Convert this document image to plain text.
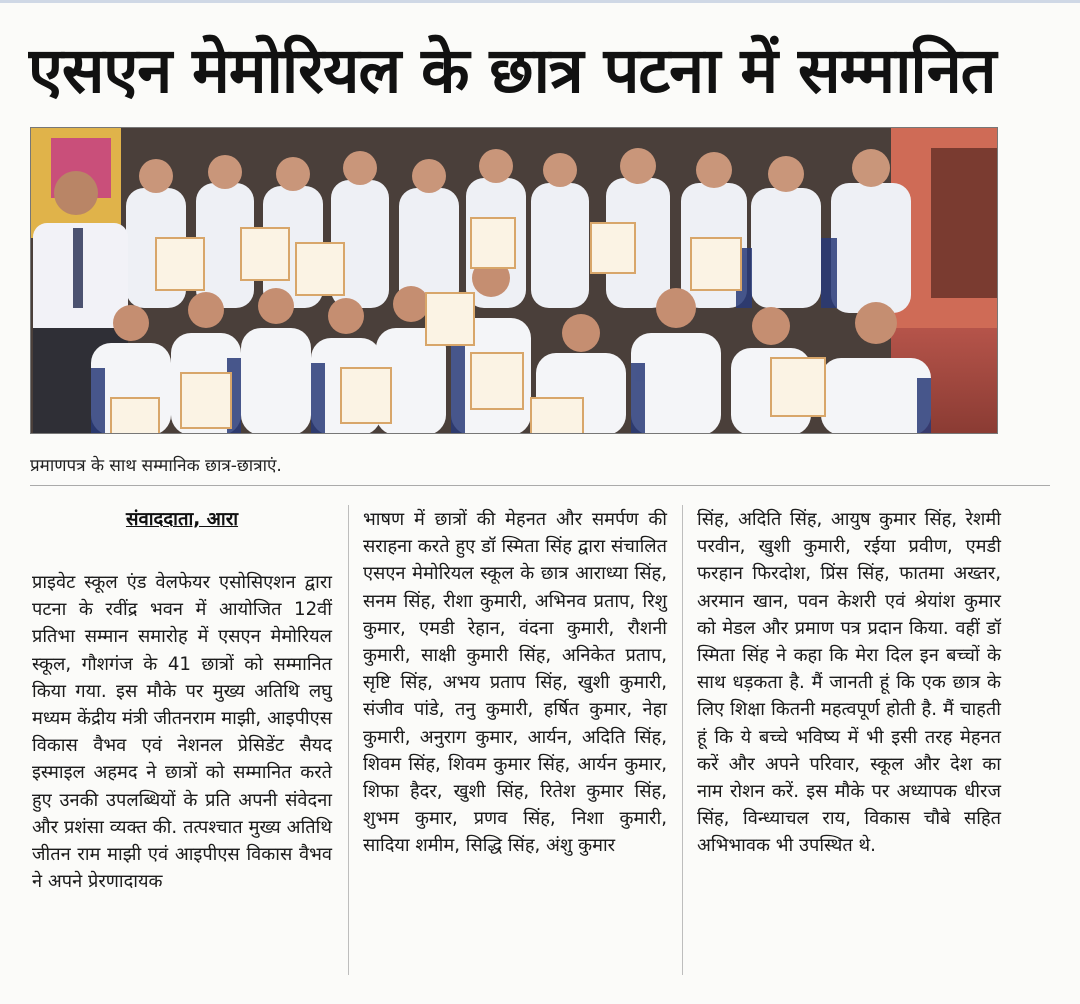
एसएन मेमोरियल के छात्र पटना में सम्मानित
प्रमाणपत्र के साथ सम्मानिक छात्र-छात्राएं.
संवाददाता, आरा
प्राइवेट स्कूल एंड वेलफेयर एसोसिएशन द्वारा पटना के रवींद्र भवन में आयोजित 12वीं प्रतिभा सम्मान समारोह में एसएन मेमोरियल स्कूल, गौशगंज के 41 छात्रों को सम्मानित किया गया. इस मौके पर मुख्य अतिथि लघु मध्यम केंद्रीय मंत्री जीतनराम माझी, आइपीएस विकास वैभव एवं नेशनल प्रेसिडेंट सैयद इस्माइल अहमद ने छात्रों को सम्मानित करते हुए उनकी उपलब्धियों के प्रति अपनी संवेदना और प्रशंसा व्यक्त की. तत्पश्चात मुख्य अतिथि जीतन राम माझी एवं आइपीएस विकास वैभव ने अपने प्रेरणादायक
भाषण में छात्रों की मेहनत और समर्पण की सराहना करते हुए डॉ स्मिता सिंह द्वारा संचालित एसएन मेमोरियल स्कूल के छात्र आराध्या सिंह, सनम सिंह, रीशा कुमारी, अभिनव प्रताप, रिशु कुमार, एमडी रेहान, वंदना कुमारी, रौशनी कुमारी, साक्षी कुमारी सिंह, अनिकेत प्रताप, सृष्टि सिंह, अभय प्रताप सिंह, खुशी कुमारी, संजीव पांडे, तनु कुमारी, हर्षित कुमार, नेहा कुमारी, अनुराग कुमार, आर्यन, अदिति सिंह, शिवम सिंह, शिवम कुमार सिंह, आर्यन कुमार, शिफा हैदर, खुशी सिंह, रितेश कुमार सिंह, शुभम कुमार, प्रणव सिंह, निशा कुमारी, सादिया शमीम, सिद्धि सिंह, अंशु कुमार
सिंह, अदिति सिंह, आयुष कुमार सिंह, रेशमी परवीन, खुशी कुमारी, रईया प्रवीण, एमडी फरहान फिरदोश, प्रिंस सिंह, फातमा अख्तर, अरमान खान, पवन केशरी एवं श्रेयांश कुमार को मेडल और प्रमाण पत्र प्रदान किया. वहीं डॉ स्मिता सिंह ने कहा कि मेरा दिल इन बच्चों के साथ धड़कता है. मैं जानती हूं कि एक छात्र के लिए शिक्षा कितनी महत्वपूर्ण होती है. मैं चाहती हूं कि ये बच्चे भविष्य में भी इसी तरह मेहनत करें और अपने परिवार, स्कूल और देश का नाम रोशन करें. इस मौके पर अध्यापक धीरज सिंह, विन्ध्याचल राय, विकास चौबे सहित अभिभावक भी उपस्थित थे.
